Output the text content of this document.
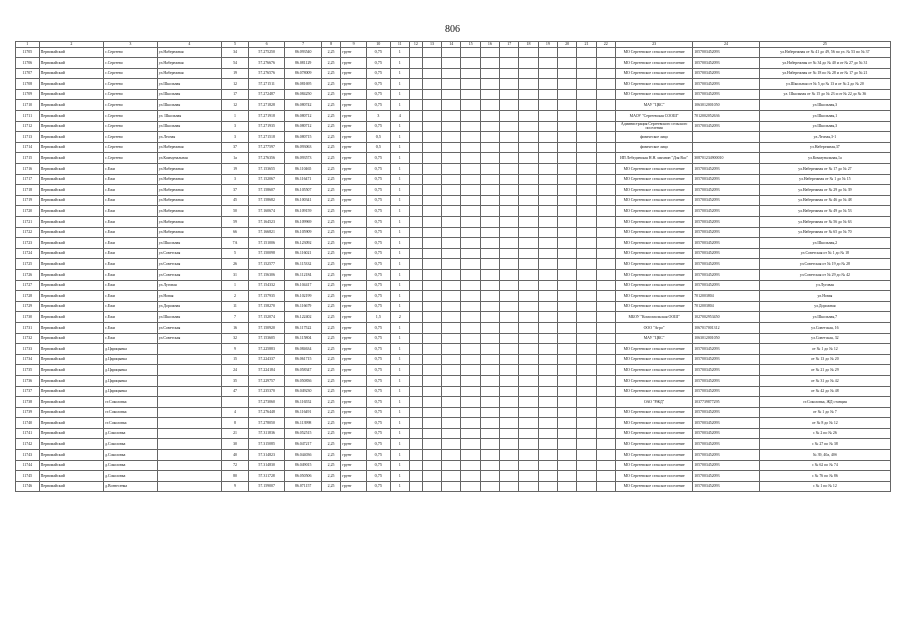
806
1	2	3	4	5	6	7	8	9	10	11	12	13	14	15	16	17	18	19	20	21	22	23	24	25
11705	Первомайский	с.Сергеево	ул.Набережная	34	57.275250	86.093540	2,25	грунт	0,75	1												МО Сергеевское сельское поселение	1057003452093	ул.Набережная от № 41 до 49, 56 по ул. № 53 по № 37
11706	Первомайский	с.Сергеево	ул.Набережная	54	57.276676	86.081129	2,25	грунт	0,75	1												МО Сергеевское сельское поселение	1057003452093	ул.Набережная от № 34 до № 40 и от № 27 до № 31
11707	Первомайский	с.Сергеево	ул.Набережная	19	57.276576	86.078009	2,25	грунт	0,75	1												МО Сергеевское сельское поселение	1057003452093	ул.Набережная от № 18 по № 28 и от № 17 до № 21
11708	Первомайский	с.Сергеево	ул.Школьная	12	57.271511	86.081695	2,25	грунт	0,75	1												МО Сергеевское сельское поселение	1057003452093	ул.Школьная от № 5 до № 13 и от № 2 до № 20
11709	Первомайский	с.Сергеево	ул.Школьная	17	57.272487	86.084250	2,25	грунт	0,75	1												МО Сергеевское сельское поселение	1057003452093	ул. Школьная от № 15 до № 23 и от № 22 до № 36
11710	Первомайский	с.Сергеево	ул.Школьная	12	57.271828	86.080742	2,25	грунт	0,75	1												МАУ "ЦКС"	1063012001050	ул.Школьная,3
11711	Первомайский	с.Сергеево	ул. Школьная	1	57.271918	86.080712	2,25	грунт	3	4												МАОУ "Сергеевская СООШ"	7012002052636	ул.Школьная,1
11712	Первомайский	с.Сергеево	ул.Школьная	3	57.271935	86.080712	2,25	грунт	0,75	1												Администрация Сергеевского сельского поселения	1057003452093	ул.Школьная,3
11713	Первомайский	с.Сергеево	ул.Лесная	3	57.271518	86.080715	2,25	грунт	0,5	1												физическое лицо		ул.Лесная,3-1
11714	Первомайский	с.Сергеево	ул.Набережная	37	57.277597	86.093063	2,25	грунт	0,5	1												физическое лицо		ул.Набережная,37
11715	Первомайский	с.Сергеево	ул.Коммунальная	1а	57.276356	86.093573	2,25	грунт	0,75	1												ИП Лебединская Н.Н. магазин "Для Вас"	308701234900010	ул.Коммунальная,1а
11716	Первомайский	с.Ежи	ул.Набережная	19	57.153655	86.110465	2,25	грунт	0,75	1												МО Сергеевское сельское поселение	1057003452093	ул.Набережная от № 17 до № 27
11717	Первомайский	с.Ежи	ул.Набережная	3	57.152067	86.116471	2,25	грунт	0,75	1												МО Сергеевское сельское поселение	1057003452093	ул.Набережная от № 1 до № 15
11718	Первомайский	с.Ежи	ул.Набережная	37	57.158607	86.105507	2,25	грунт	0,75	1												МО Сергеевское сельское поселение	1057003452093	ул.Набережная от № 29 до № 39
11719	Первомайский	с.Ежи	ул.Набережная	45	57.158682	86.100341	2,25	грунт	0,75	1												МО Сергеевское сельское поселение	1057003452093	ул.Набережная от № 46 до № 48
11720	Первомайский	с.Ежи	ул.Набережная	50	57.160674	86.109159	2,25	грунт	0,75	1												МО Сергеевское сельское поселение	1057003452093	ул.Набережная от № 49 до № 53
11721	Первомайский	с.Ежи	ул.Набережная	59	57.164523	86.109969	2,25	грунт	0,75	1												МО Сергеевское сельское поселение	1057003452093	ул.Набережная от № 56 до № 63
11722	Первомайский	с.Ежи	ул.Набережная	66	57.166821	86.105909	2,25	грунт	0,75	1												МО Сергеевское сельское поселение	1057003452093	ул.Набережная от № 65 до № 70
11723	Первомайский	с.Ежи	ул.Школьная	7А	57.151006	86.123092	2,25	грунт	0,75	1												МО Сергеевское сельское поселение	1057003452093	ул.Школьная,2
11724	Первомайский	с.Ежи	ул.Советская	5	57.150098	86.116021	2,25	грунт	0,75	1												МО Сергеевское сельское поселение	1057003452093	ул.Советская от № 1 до № 18
11725	Первомайский	с.Ежи	ул.Советская	26	57.152577	86.115332	2,25	грунт	0,75	1												МО Сергеевское сельское поселение	1057003452093	ул.Советская от № 19 до № 28
11726	Первомайский	с.Ежи	ул.Советская	31	57.156306	86.112184	2,25	грунт	0,75	1												МО Сергеевское сельское поселение	1057003452093	ул.Советская от № 29 до № 42
11727	Первомайский	с.Ежи	ул.Луговая	1	57.154332	86.104417	2,25	грунт	0,75	1												МО Сергеевское сельское поселение	1057003452093	ул.Луговая
11728	Первомайский	с.Ежи	ул.Новая	2	57.157935	86.102199	2,25	грунт	0,75	1												МО Сергеевское сельское поселение	7012003804	ул.Новая
11729	Первомайский	с.Ежи	ул.Дорожная	11	57.158270	86.116679	2,25	грунт	0,75	1												МО Сергеевское сельское поселение	7012003804	ул.Дорожная
11730	Первомайский	с.Ежи	ул.Школьная	7	57.152074	86.122402	2,25	грунт	1,5	2												МБОУ "Комсомольская ООШ"	1027002953450	ул.Школьная,7
11731	Первомайский	с.Ежи	ул.Советская	16	57.150920	86.117522	2,25	грунт	0,75	1												ООО "Агро"	1067017001312	ул.Советская, 16
11732	Первомайский	с.Ежи	ул.Советская	32	57.153605	86.115804	2,25	грунт	0,75	1												МАУ "ЦКС"	1063012001050	ул.Советская, 32
11733	Первомайский	д.Царицынка		9	57.225883	86.084634	2,25	грунт	0,75	1												МО Сергеевское сельское поселение	1057003452093	от № 1 до № 12
11734	Первомайский	д.Царицынка		15	57.224337	86.061715	2,25	грунт	0,75	1												МО Сергеевское сельское поселение	1057003452093	от № 13 до № 20
11735	Первомайский	д.Царицынка		24	57.224184	86.058347	2,25	грунт	0,75	1												МО Сергеевское сельское поселение	1057003452093	от № 21 до № 29
11736	Первомайский	д.Царицынка		35	57.229757	86.050836	2,25	грунт	0,75	1												МО Сергеевское сельское поселение	1057003452093	от № 31 до № 42
11737	Первомайский	д.Царицынка		47	57.235370	86.049230	2,25	грунт	0,75	1												МО Сергеевское сельское поселение	1057003452093	от № 42 до № 48
11738	Первомайский	ст.Соколовка			57.273060	86.116552	2,25	грунт	0,75	1												ОАО "РЖД"	1037739877295	ст.Соколовка, ЖД станция
11739	Первомайский	ст.Соколовка		4	57.276448	86.116491	2,25	грунт	0,75	1												МО Сергеевское сельское поселение	1057003452093	от № 1 до № 7
11740	Первомайский	ст.Соколовка		8	57.278050	86.113998	2,25	грунт	0,75	1												МО Сергеевское сельское поселение	1057003452093	от № 8 до № 12
11741	Первомайский	д.Соколовка		21	57.311836	86.052515	2,25	грунт	0,75	1												МО Сергеевское сельское поселение	1057003452093	с № 2 по № 26
11742	Первомайский	д.Соколовка		30	57.315085	86.047217	2,25	грунт	0,75	1												МО Сергеевское сельское поселение	1057003452093	с № 27 по № 38
11743	Первомайский	д.Соколовка		40	57.314823	86.044036	2,25	грунт	0,75	1												МО Сергеевское сельское поселение	1057003452093	№ 39, 40а, 40б
11744	Первомайский	д.Соколовка		72	57.314830	86.049015	2,25	грунт	0,75	1												МО Сергеевское сельское поселение	1057003452093	с № 62 по № 74
11745	Первомайский	д.Соколовка		80	57.311728	86.050506	2,25	грунт	0,75	1												МО Сергеевское сельское поселение	1057003452093	с № 76 по № 86
11746	Первомайский	д.Вознесенка		9	57.159007	86.071157	2,25	грунт	0,75	1												МО Сергеевское сельское поселение	1057003452093	с № 1 по № 12
